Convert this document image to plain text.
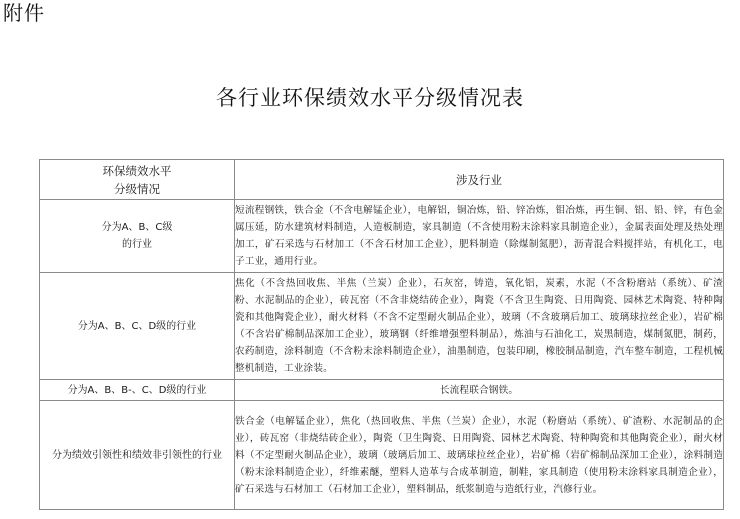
附件
各行业环保绩效水平分级情况表
环保绩效水平
分级情况	涉及行业

分为A、B、C级
的行业	短流程钢铁，铁合金（不含电解锰企业），电解铝，铜冶炼，铅、锌冶炼，钼冶炼，再生铜、铝、铅、锌，有色金属压延，防水建筑材料制造，人造板制造，家具制造（不含使用粉末涂料家具制造企业），金属表面处理及热处理加工，矿石采选与石材加工（不含石材加工企业），肥料制造（除煤制氮肥），沥青混合料搅拌站，有机化工，电子工业，通用行业。
分为A、B、C、D级的行业	焦化（不含热回收焦、半焦（兰炭）企业），石灰窑，铸造，氧化铝，炭素，水泥（不含粉磨站（系统）、矿渣粉、水泥制品的企业），砖瓦窑（不含非烧结砖企业），陶瓷（不含卫生陶瓷、日用陶瓷、园林艺术陶瓷、特种陶瓷和其他陶瓷企业），耐火材料（不含不定型耐火制品企业），玻璃（不含玻璃后加工、玻璃球拉丝企业），岩矿棉（不含岩矿棉制品深加工企业），玻璃钢（纤维增强塑料制品），炼油与石油化工，炭黑制造，煤制氮肥，制药，农药制造，涂料制造（不含粉末涂料制造企业），油墨制造，包装印刷，橡胶制品制造，汽车整车制造，工程机械整机制造，工业涂装。
分为A、B、B-、C、D级的行业	长流程联合钢铁。
分为绩效引领性和绩效非引领性的行业	铁合金（电解锰企业），焦化（热回收焦、半焦（兰炭）企业），水泥（粉磨站（系统）、矿渣粉、水泥制品的企业），砖瓦窑（非烧结砖企业），陶瓷（卫生陶瓷、日用陶瓷、园林艺术陶瓷、特种陶瓷和其他陶瓷企业），耐火材料（不定型耐火制品企业），玻璃（玻璃后加工、玻璃球拉丝企业），岩矿棉（岩矿棉制品深加工企业），涂料制造（粉末涂料制造企业），纤维素醚，塑料人造革与合成革制造，制鞋，家具制造（使用粉末涂料家具制造企业），矿石采选与石材加工（石材加工企业），塑料制品，纸浆制造与造纸行业，汽修行业。
